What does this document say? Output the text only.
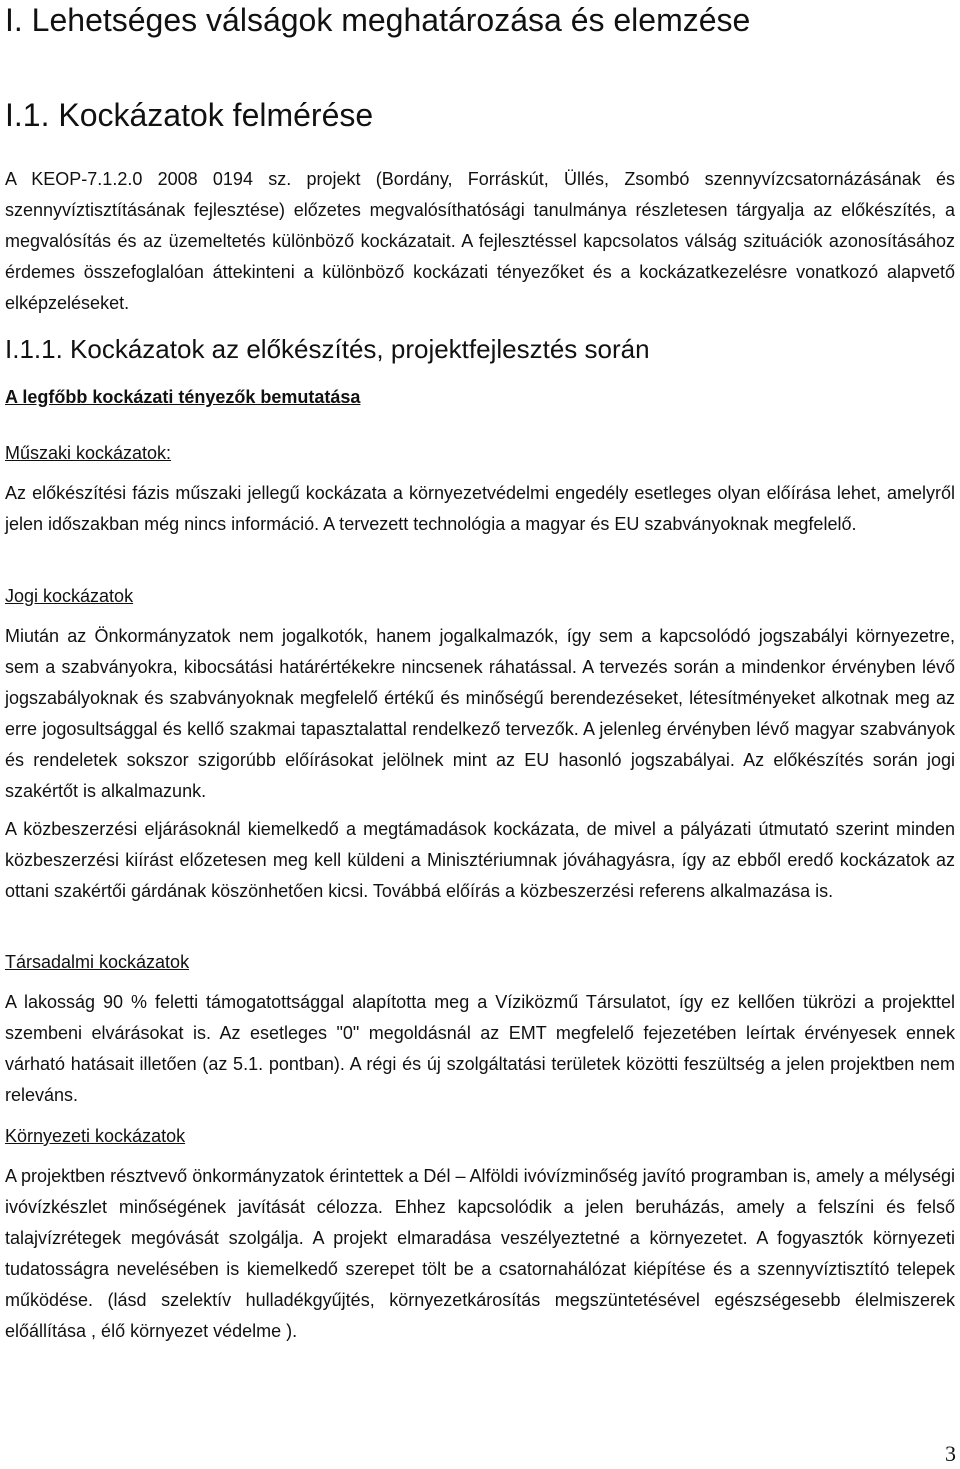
I. Lehetséges válságok meghatározása és elemzése
I.1. Kockázatok felmérése

A KEOP-7.1.2.0 2008 0194 sz. projekt (Bordány, Forráskút, Üllés, Zsombó szennyvízcsatornázásának és szennyvíztisztításának fejlesztése) előzetes megvalósíthatósági tanulmánya részletesen tárgyalja az előkészítés, a megvalósítás és az üzemeltetés különböző kockázatait. A fejlesztéssel kapcsolatos válság szituációk azonosításához érdemes összefoglalóan áttekinteni a különböző kockázati tényezőket és a kockázatkezelésre vonatkozó alapvető elképzeléseket.

I.1.1. Kockázatok az előkészítés, projektfejlesztés során

A legfőbb kockázati tényezők bemutatása

Műszaki kockázatok:

Az előkészítési fázis műszaki jellegű kockázata a környezetvédelmi engedély esetleges olyan előírása lehet, amelyről jelen időszakban még nincs információ. A tervezett technológia a magyar és EU szabványoknak megfelelő.

Jogi kockázatok

Miután az Önkormányzatok nem jogalkotók, hanem jogalkalmazók, így sem a kapcsolódó jogszabályi környezetre, sem a szabványokra, kibocsátási határértékekre nincsenek ráhatással. A tervezés során a mindenkor érvényben lévő jogszabályoknak és szabványoknak megfelelő értékű és minőségű berendezéseket, létesítményeket alkotnak meg az erre jogosultsággal és kellő szakmai tapasztalattal rendelkező tervezők. A jelenleg érvényben lévő magyar szabványok és rendeletek sokszor szigorúbb előírásokat jelölnek mint az EU hasonló jogszabályai. Az előkészítés során jogi szakértőt is alkalmazunk.

A közbeszerzési eljárásoknál kiemelkedő a megtámadások kockázata, de mivel a pályázati útmutató szerint minden közbeszerzési kiírást előzetesen meg kell küldeni a Minisztériumnak jóváhagyásra, így az ebből eredő kockázatok az ottani szakértői gárdának köszönhetően kicsi. Továbbá előírás a közbeszerzési referens alkalmazása is.

Társadalmi kockázatok

A lakosság 90 % feletti támogatottsággal alapította meg a Víziközmű Társulatot, így ez kellően tükrözi a projekttel szembeni elvárásokat is. Az esetleges "0" megoldásnál az EMT megfelelő fejezetében leírtak érvényesek ennek várható hatásait illetően (az 5.1. pontban). A régi és új szolgáltatási területek közötti feszültség a jelen projektben nem releváns.

Környezeti kockázatok

A projektben résztvevő önkormányzatok érintettek a Dél – Alföldi ivóvízminőség javító programban is, amely a mélységi ivóvízkészlet minőségének javítását célozza. Ehhez kapcsolódik a jelen beruházás, amely a felszíni és felső talajvízrétegek megóvását szolgálja. A projekt elmaradása veszélyeztetné a környezetet. A fogyasztók környezeti tudatosságra nevelésében is kiemelkedő szerepet tölt be a csatornahálózat kiépítése és a szennyvíztisztító telepek működése. (lásd szelektív hulladékgyűjtés, környezetkárosítás megszüntetésével egészségesebb élelmiszerek előállítása , élő környezet védelme ).

3
